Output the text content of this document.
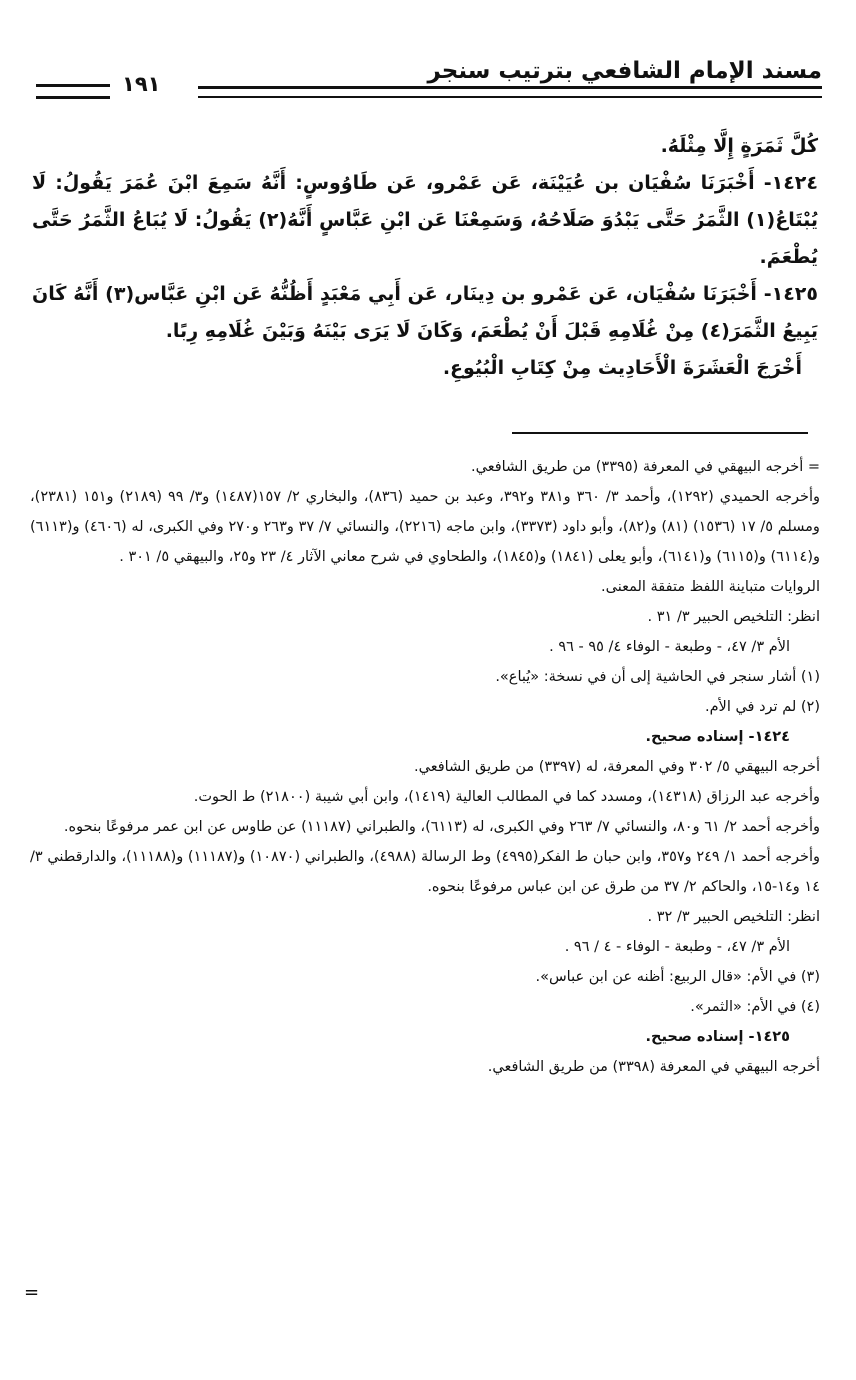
مسند الإمام الشافعي بترتيب سنجر
١٩١

كُلَّ ثَمَرَةٍ إِلَّا مِثْلَهُ.

١٤٢٤- أَخْبَرَنَا سُفْيَان بن عُيَيْنَة، عَن عَمْرو، عَن طَاوُوسٍ: أَنَّهُ سَمِعَ ابْنَ عُمَرَ يَقُولُ: لَا يُبْتَاعُ(١) الثَّمَرُ حَتَّى يَبْدُوَ صَلَاحُهُ، وَسَمِعْنَا عَن ابْنِ عَبَّاسٍ أَنَّهُ(٢) يَقُولُ: لَا يُبَاعُ الثَّمَرُ حَتَّى يُطْعَمَ.

١٤٢٥- أَخْبَرَنَا سُفْيَان، عَن عَمْرو بن دِينَار، عَن أَبِي مَعْبَدٍ أَظُنُّهُ عَن ابْنِ عَبَّاس(٣) أَنَّهُ كَانَ يَبِيعُ الثَّمَرَ(٤) مِنْ غُلَامِهِ قَبْلَ أَنْ يُطْعَمَ، وَكَانَ لَا يَرَى بَيْنَهُ وَبَيْنَ غُلَامِهِ رِبًا.

أَخْرَجَ الْعَشَرَةَ الْأَحَادِيث مِنْ كِتَابِ الْبُيُوعِ.

= أخرجه البيهقي في المعرفة (٣٣٩٥) من طريق الشافعي.

وأخرجه الحميدي (١٢٩٢)، وأحمد ٣/ ٣٦٠ و٣٨١ و٣٩٢، وعبد بن حميد (٨٣٦)، والبخاري ٢/ ١٥٧(١٤٨٧) و٣/ ٩٩ (٢١٨٩) و١٥١ (٢٣٨١)، ومسلم ٥/ ١٧ (١٥٣٦) (٨١) و(٨٢)، وأبو داود (٣٣٧٣)، وابن ماجه (٢٢١٦)، والنسائي ٧/ ٣٧ و٢٦٣ و٢٧٠ وفي الكبرى، له (٤٦٠٦) و(٦١١٣) و(٦١١٤) و(٦١١٥) و(٦١٤١)، وأبو يعلى (١٨٤١) و(١٨٤٥)، والطحاوي في شرح معاني الآثار ٤/ ٢٣ و٢٥، والبيهقي ٥/ ٣٠١ .

الروايات متباينة اللفظ متفقة المعنى.

انظر: التلخيص الحبير ٣/ ٣١ .

الأم ٣/ ٤٧، - وطبعة - الوفاء ٤/ ٩٥ - ٩٦ .

(١) أشار سنجر في الحاشية إلى أن في نسخة: «يُباع».

(٢) لم ترد في الأم.

١٤٢٤- إسناده صحيح.

أخرجه البيهقي ٥/ ٣٠٢ وفي المعرفة، له (٣٣٩٧) من طريق الشافعي.

وأخرجه عبد الرزاق (١٤٣١٨)، ومسدد كما في المطالب العالية (١٤١٩)، وابن أبي شيبة (٢١٨٠٠) ط الحوت.

وأخرجه أحمد ٢/ ٦١ و٨٠، والنسائي ٧/ ٢٦٣ وفي الكبرى، له (٦١١٣)، والطبراني (١١١٨٧) عن طاوس عن ابن عمر مرفوعًا بنحوه.

وأخرجه أحمد ١/ ٢٤٩ و٣٥٧، وابن حبان ط الفكر(٤٩٩٥) وط الرسالة (٤٩٨٨)، والطبراني (١٠٨٧٠) و(١١١٨٧) و(١١١٨٨)، والدارقطني ٣/ ١٤ و١٤-١٥، والحاكم ٢/ ٣٧ من طرق عن ابن عباس مرفوعًا بنحوه.

انظر: التلخيص الحبير ٣/ ٣٢ .

الأم ٣/ ٤٧، - وطبعة - الوفاء - ٤ / ٩٦ .

(٣) في الأم: «قال الربيع: أظنه عن ابن عباس».

(٤) في الأم: «الثمر».

١٤٢٥- إسناده صحيح.

أخرجه البيهقي في المعرفة (٣٣٩٨) من طريق الشافعي.

=
